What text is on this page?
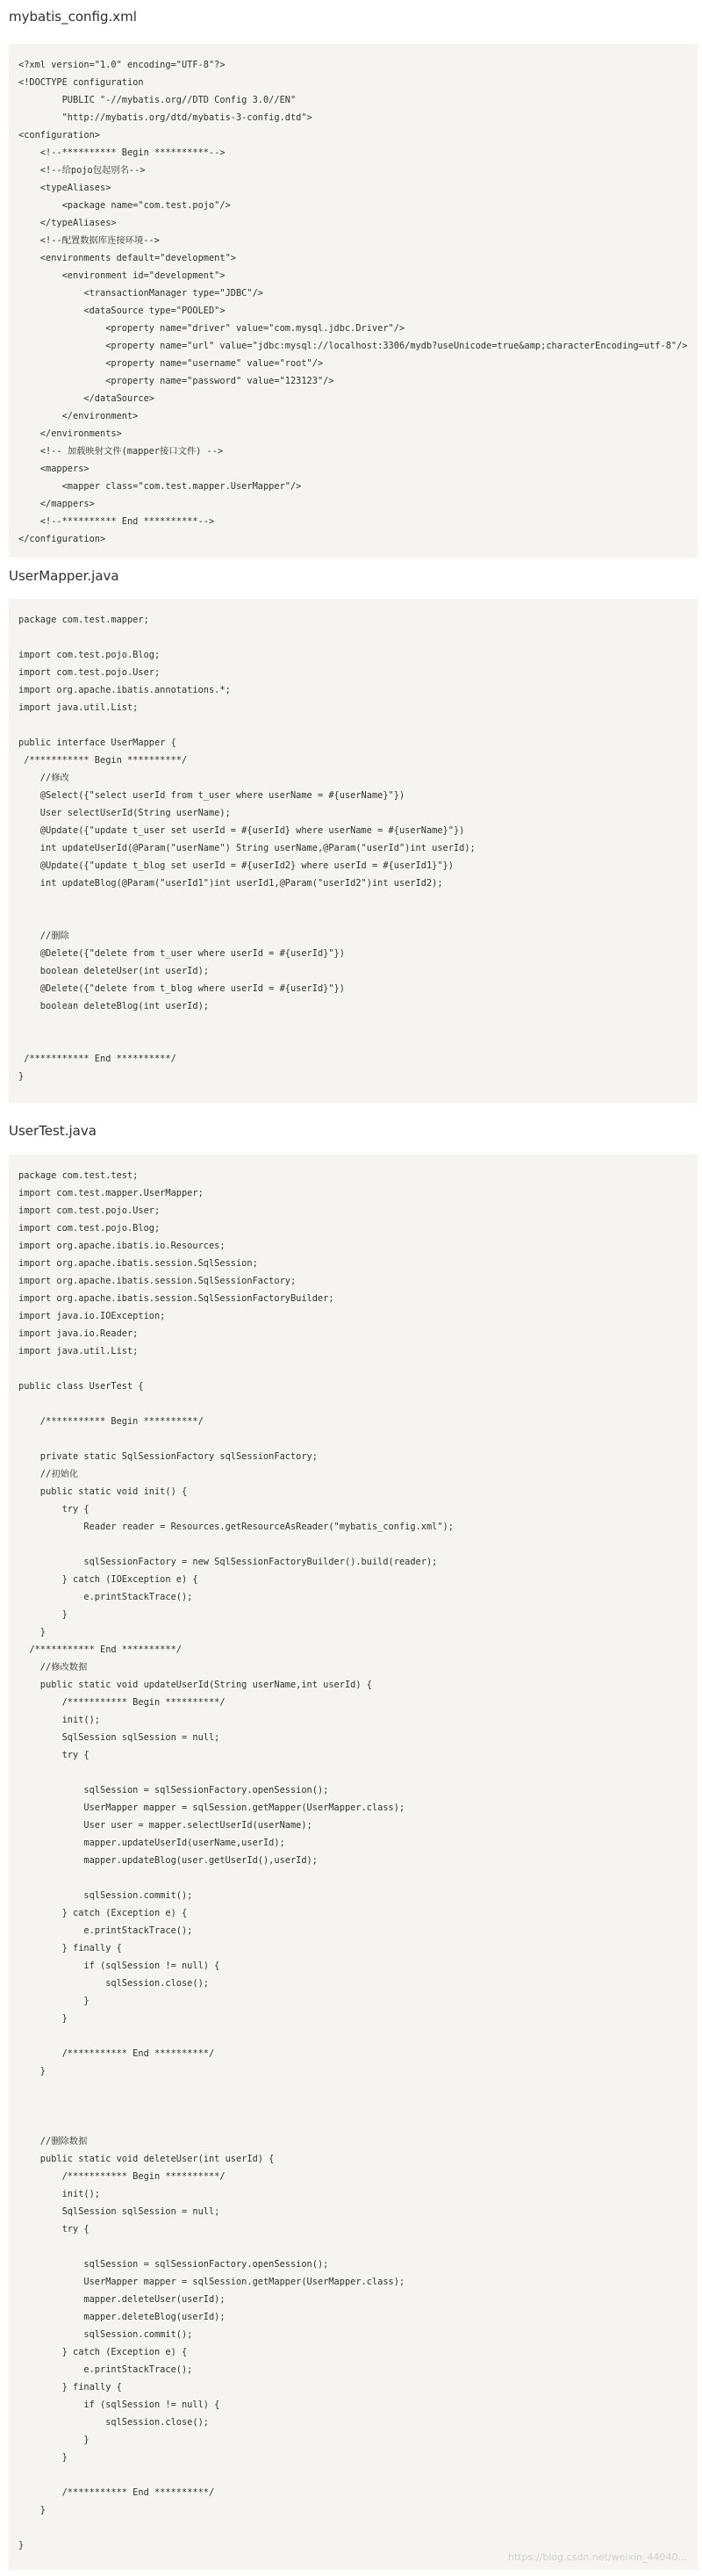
mybatis_config.xml
<?xml version="1.0" encoding="UTF-8"?>
<!DOCTYPE configuration
PUBLIC "-//mybatis.org//DTD Config 3.0//EN"
"http://mybatis.org/dtd/mybatis-3-config.dtd">
<configuration>
<!--********** Begin **********-->
<!--给pojo包起别名-->
<typeAliases>
<package name="com.test.pojo"/>
</typeAliases>
<!--配置数据库连接环境-->
<environments default="development">
<environment id="development">
<transactionManager type="JDBC"/>
<dataSource type="POOLED">
<property name="driver" value="com.mysql.jdbc.Driver"/>
<property name="url" value="jdbc:mysql://localhost:3306/mydb?useUnicode=true&amp;characterEncoding=utf-8"/>
<property name="username" value="root"/>
<property name="password" value="123123"/>
</dataSource>
</environment>
</environments>
<!-- 加载映射文件(mapper接口文件) -->
<mappers>
<mapper class="com.test.mapper.UserMapper"/>
</mappers>
<!--********** End **********-->
</configuration>
UserMapper.java
package com.test.mapper;
import com.test.pojo.Blog;
import com.test.pojo.User;
import org.apache.ibatis.annotations.*;
import java.util.List;
public interface UserMapper {
/*********** Begin **********/
//修改
@Select({"select userId from t_user where userName = #{userName}"})
User selectUserId(String userName);
@Update({"update t_user set userId = #{userId} where userName = #{userName}"})
int updateUserId(@Param("userName") String userName,@Param("userId")int userId);
@Update({"update t_blog set userId = #{userId2} where userId = #{userId1}"})
int updateBlog(@Param("userId1")int userId1,@Param("userId2")int userId2);
//删除
@Delete({"delete from t_user where userId = #{userId}"})
boolean deleteUser(int userId);
@Delete({"delete from t_blog where userId = #{userId}"})
boolean deleteBlog(int userId);
/*********** End **********/
}
UserTest.java
package com.test.test;
import com.test.mapper.UserMapper;
import com.test.pojo.User;
import com.test.pojo.Blog;
import org.apache.ibatis.io.Resources;
import org.apache.ibatis.session.SqlSession;
import org.apache.ibatis.session.SqlSessionFactory;
import org.apache.ibatis.session.SqlSessionFactoryBuilder;
import java.io.IOException;
import java.io.Reader;
import java.util.List;
public class UserTest {
/*********** Begin **********/
private static SqlSessionFactory sqlSessionFactory;
//初始化
public static void init() {
try {
Reader reader = Resources.getResourceAsReader("mybatis_config.xml");
sqlSessionFactory = new SqlSessionFactoryBuilder().build(reader);
} catch (IOException e) {
e.printStackTrace();
}
}
/*********** End **********/
//修改数据
public static void updateUserId(String userName,int userId) {
/*********** Begin **********/
init();
SqlSession sqlSession = null;
try {
sqlSession = sqlSessionFactory.openSession();
UserMapper mapper = sqlSession.getMapper(UserMapper.class);
User user = mapper.selectUserId(userName);
mapper.updateUserId(userName,userId);
mapper.updateBlog(user.getUserId(),userId);
sqlSession.commit();
} catch (Exception e) {
e.printStackTrace();
} finally {
if (sqlSession != null) {
sqlSession.close();
}
}
/*********** End **********/
}
//删除数据
public static void deleteUser(int userId) {
/*********** Begin **********/
init();
SqlSession sqlSession = null;
try {
sqlSession = sqlSessionFactory.openSession();
UserMapper mapper = sqlSession.getMapper(UserMapper.class);
mapper.deleteUser(userId);
mapper.deleteBlog(userId);
sqlSession.commit();
} catch (Exception e) {
e.printStackTrace();
} finally {
if (sqlSession != null) {
sqlSession.close();
}
}
/*********** End **********/
}
}
https://blog.csdn.net/weixin_44040...
